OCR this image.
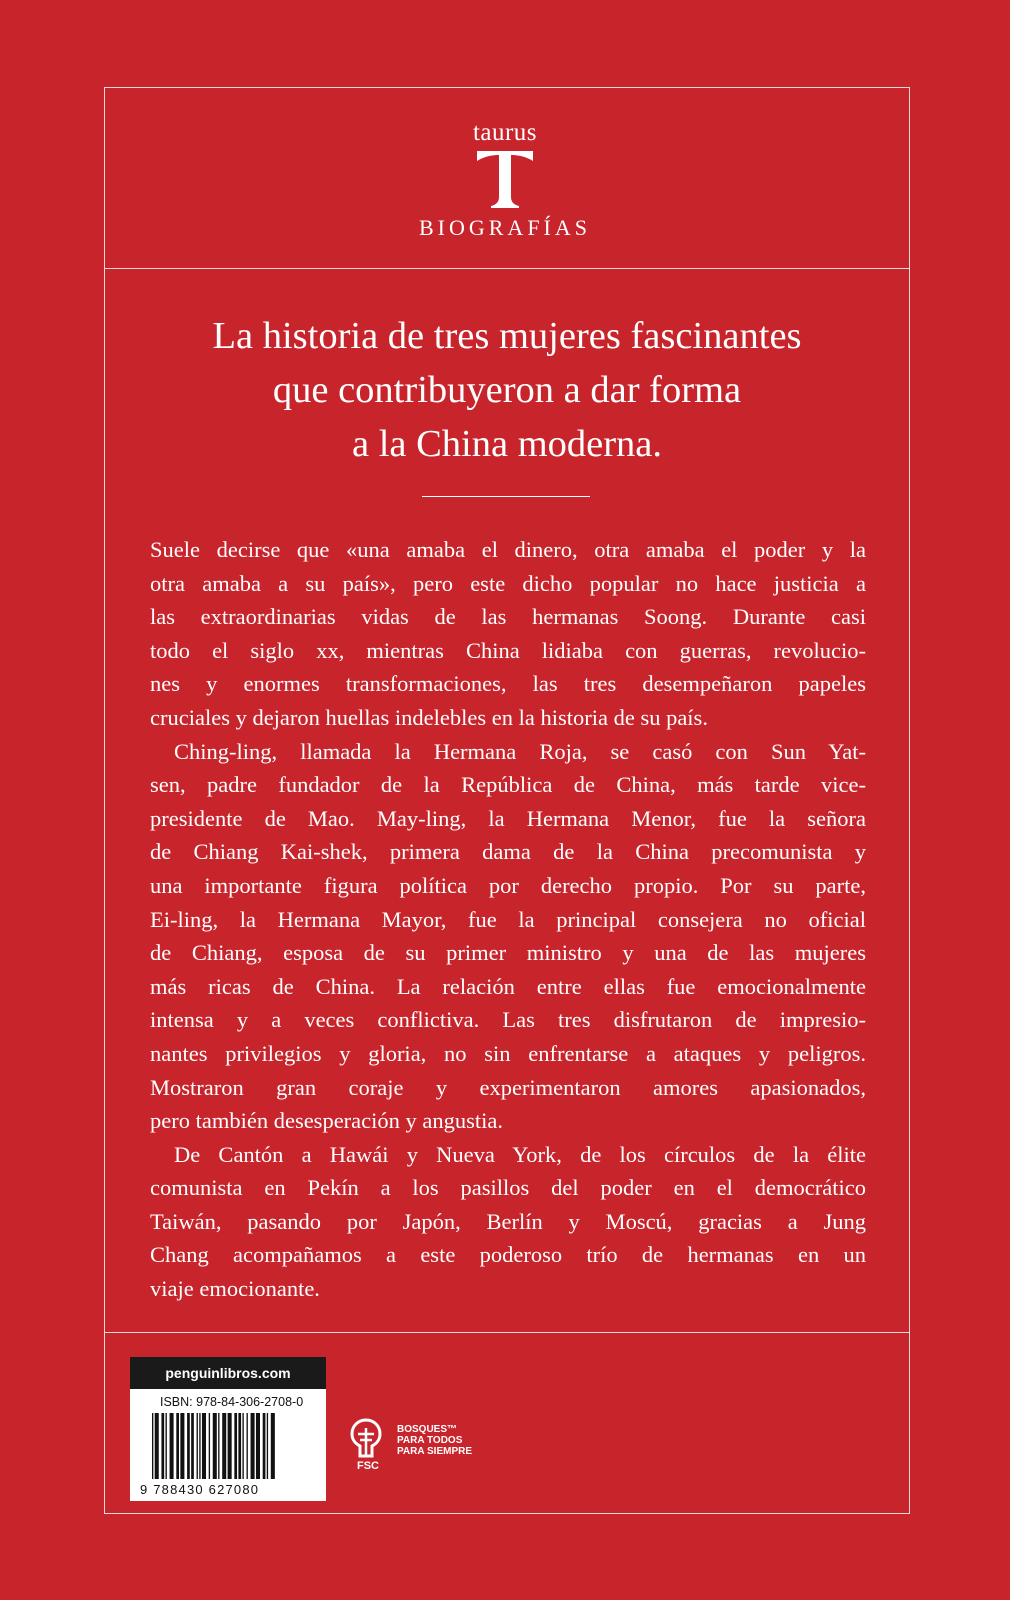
taurus
BIOGRAFÍAS
La historia de tres mujeres fascinantes
que contribuyeron a dar forma
a la China moderna.
Suele decirse que «una amaba el dinero, otra amaba el poder y la
otra amaba a su país», pero este dicho popular no hace justicia a
las extraordinarias vidas de las hermanas Soong. Durante casi
todo el siglo xx, mientras China lidiaba con guerras, revolucio-
nes y enormes transformaciones, las tres desempeñaron papeles
cruciales y dejaron huellas indelebles en la historia de su país.
Ching-ling, llamada la Hermana Roja, se casó con Sun Yat-
sen, padre fundador de la República de China, más tarde vice-
presidente de Mao. May-ling, la Hermana Menor, fue la señora
de Chiang Kai-shek, primera dama de la China precomunista y
una importante figura política por derecho propio. Por su parte,
Ei-ling, la Hermana Mayor, fue la principal consejera no oficial
de Chiang, esposa de su primer ministro y una de las mujeres
más ricas de China. La relación entre ellas fue emocionalmente
intensa y a veces conflictiva. Las tres disfrutaron de impresio-
nantes privilegios y gloria, no sin enfrentarse a ataques y peligros.
Mostraron gran coraje y experimentaron amores apasionados,
pero también desesperación y angustia.
De Cantón a Hawái y Nueva York, de los círculos de la élite
comunista en Pekín a los pasillos del poder en el democrático
Taiwán, pasando por Japón, Berlín y Moscú, gracias a Jung
Chang acompañamos a este poderoso trío de hermanas en un
viaje emocionante.
penguinlibros.com
ISBN: 978-84-306-2708-0
9 788430 627080
BOSQUES™
PARA TODOS
PARA SIEMPRE
FSC
